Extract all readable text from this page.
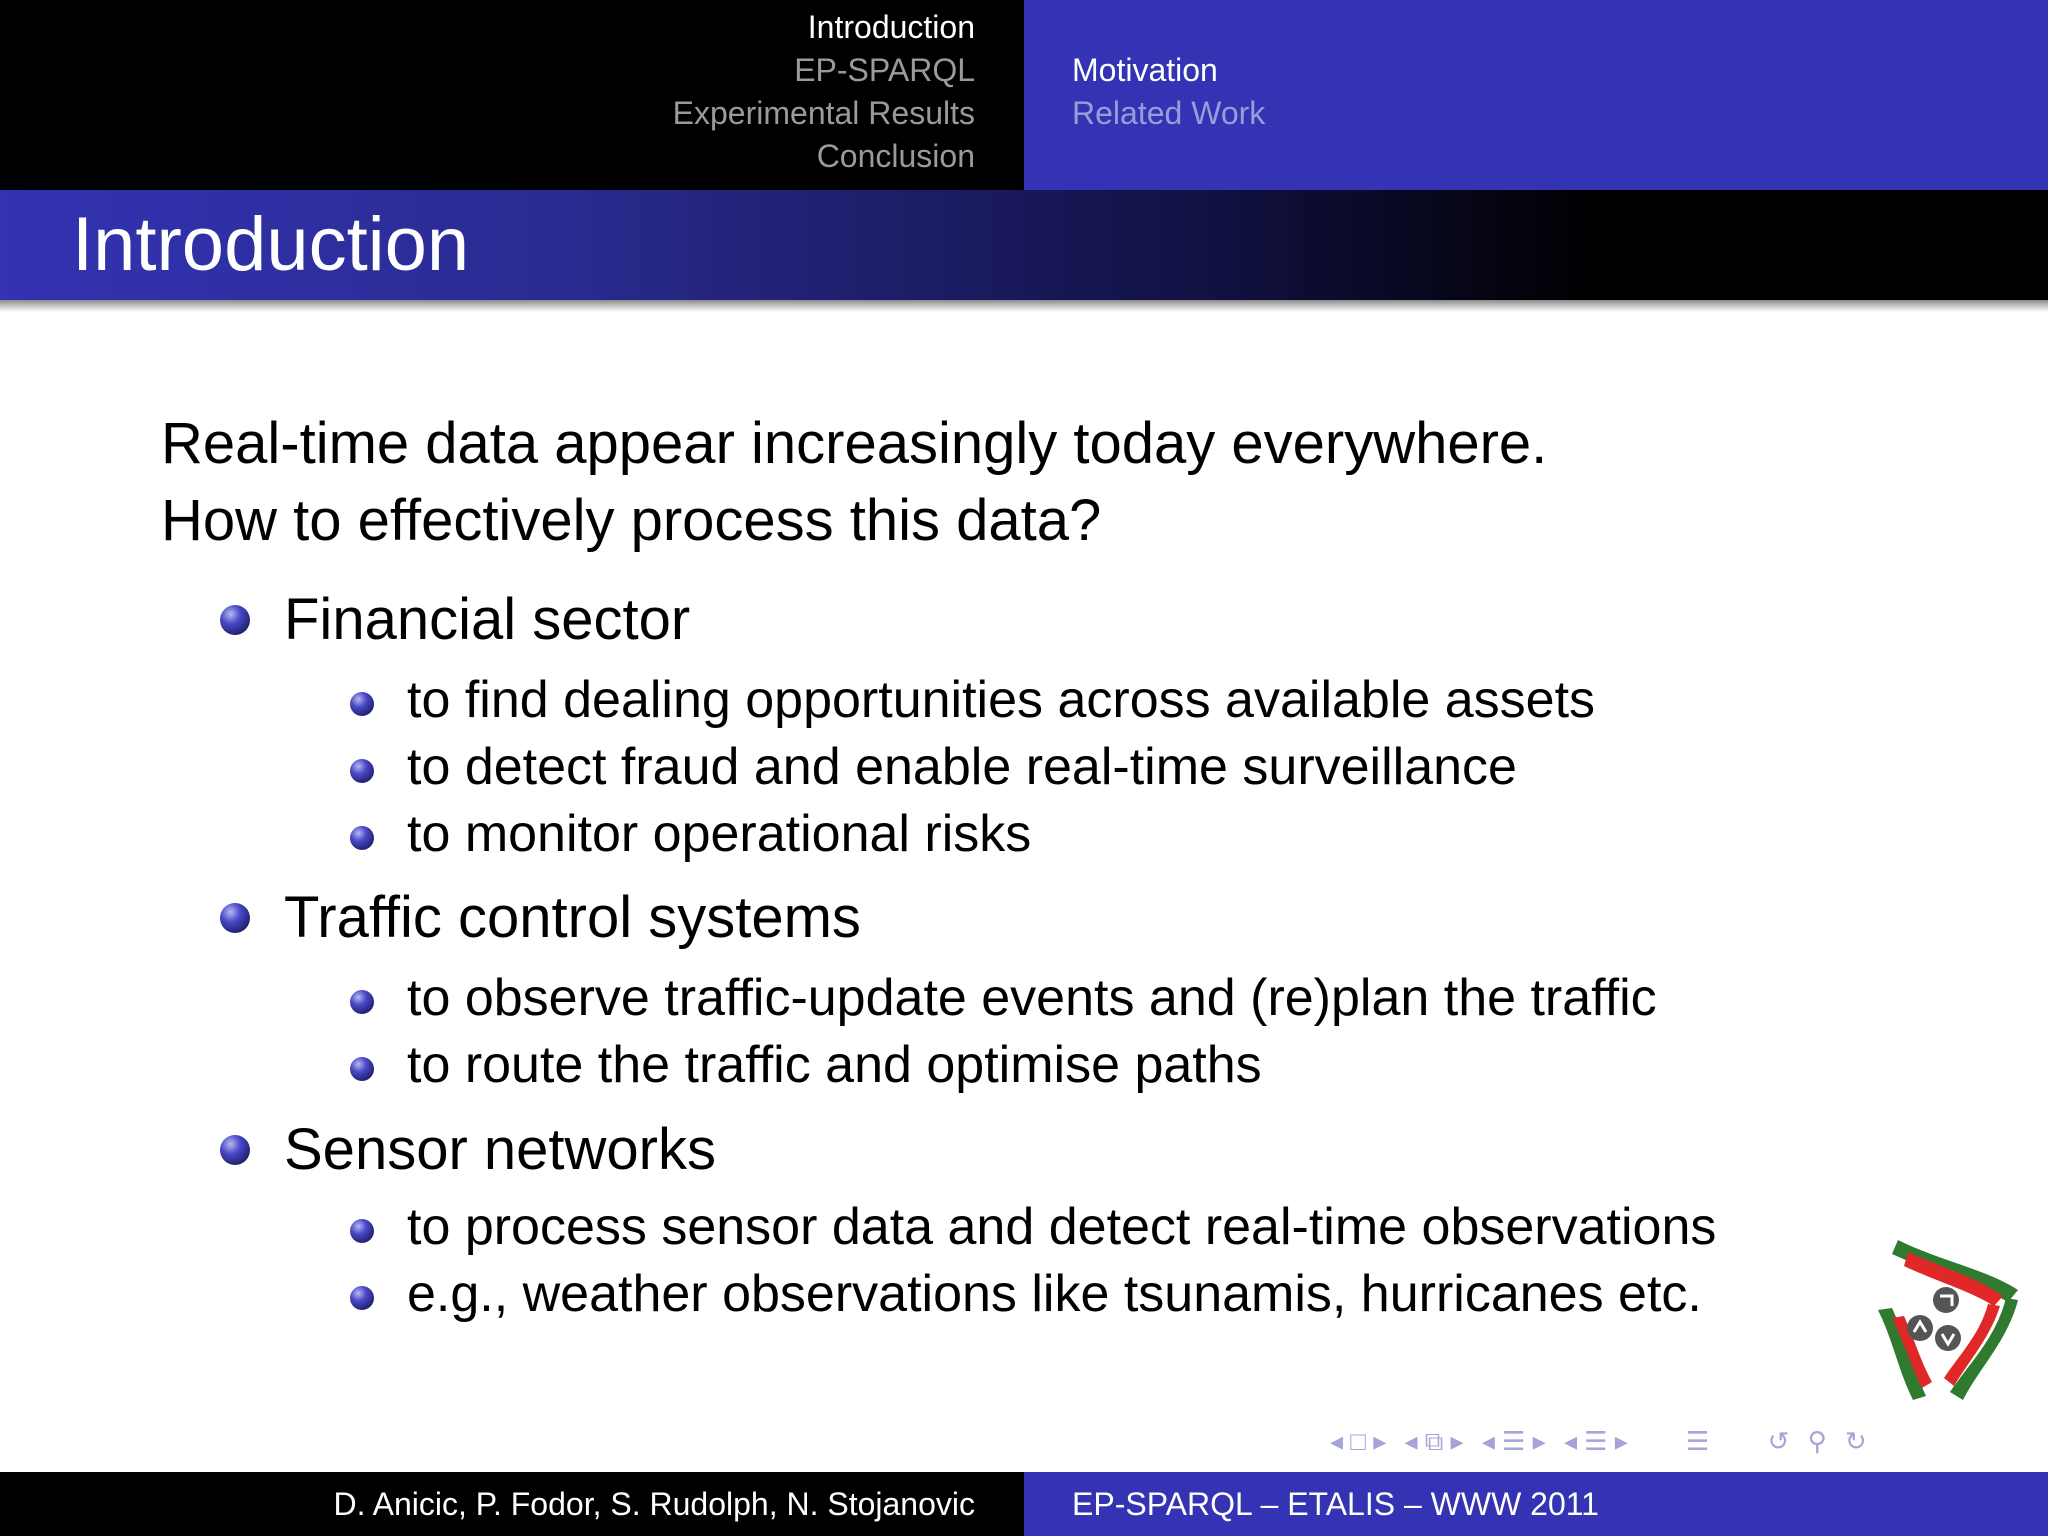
Introduction
EP-SPARQL
Experimental Results
Conclusion
Motivation
Related Work
Introduction
Real-time data appear increasingly today everywhere.
How to effectively process this data?
Financial sector
to find dealing opportunities across available assets
to detect fraud and enable real-time surveillance
to monitor operational risks
Traffic control systems
to observe traffic-update events and (re)plan the traffic
to route the traffic and optimise paths
Sensor networks
to process sensor data and detect real-time observations
e.g., weather observations like tsunamis, hurricanes etc.
◂ □ ▸ ◂ ⧉ ▸ ◂ ☰ ▸ ◂ ☰ ▸ ☰ ↺ ⚲ ↻
D. Anicic, P. Fodor, S. Rudolph, N. Stojanovic	EP-SPARQL – ETALIS – WWW 2011
